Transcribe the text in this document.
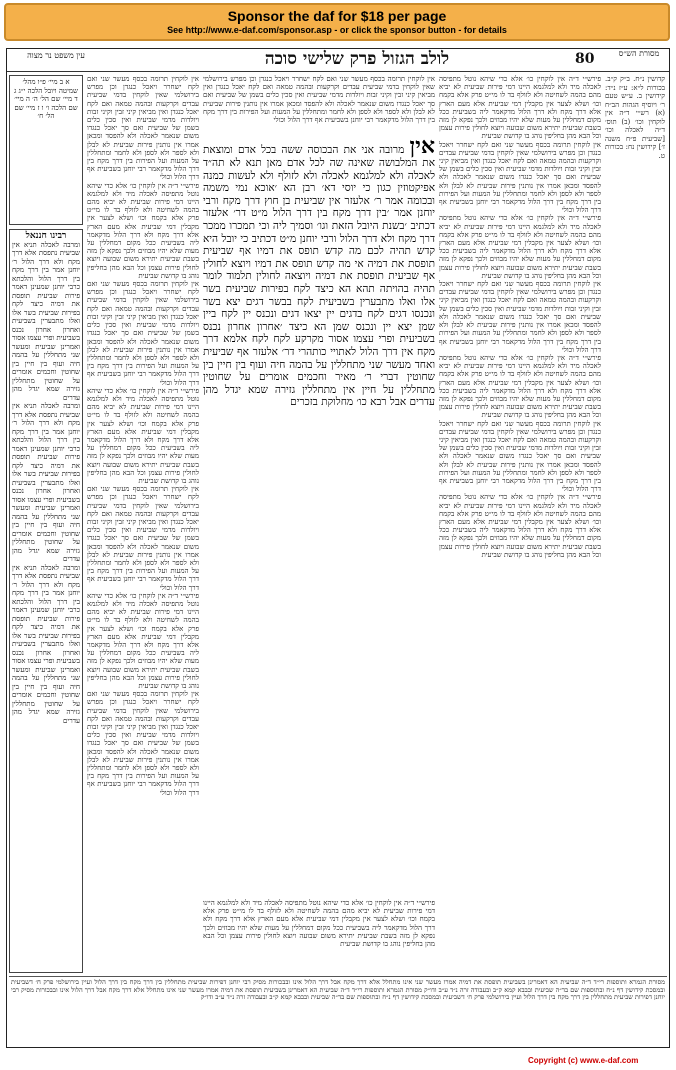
Sponsor the daf for $18 per page
See http://www.e-daf.com/sponsor.asp - or click the sponsor button - for details
עין משפט נר מצוה	לולב הגזול פרק שלישי סוכה	80	מסורת הש״ס

קדושין נ״ח. ב״ק ק״ב. בכורות ל״א: ע״ז נ״ד: קידושין ב. ע״ש טעם ר׳ ויוסיף הגהות הב״ח (א) רש״י ד״ה אין לוקחין וכו׳ (ב) תוס׳ ד״ה לאכלה וכו׳ [שביעית פ״ח משנה ז׳] קידושין נח: בכורות ט.

פירש״י ד״ה אין לוקחין כו׳ אלא כדי שיהא נוטל מתפיסה לאכלה מיד ולא למלגמא היינו דמי פירות שביעית לא יביא מהם בהמה לשחיטה ולא לזולף בד לו מי״ט פרק אלא בקמח וכו׳ ושלא לצער אין מקבלין דמי שביעית אלא מעם הארץ אלא דרך מקח ולא דרך הלול מדקאמר ליה בשביעית ככל מקום דמחללין על מעות שלא יהיו מבוזים ולכך נפקא לן מזה בשבת שביעית יתירא משום שבועה ויוצא לחולין פירות עצמן וכל הבא מהן בחליפין נוהג בו קדושת שביעית

אין לוקחין תרומה בכסף מעשר שני ואם לקח ישחרר ויאכל כנגדן וכן מפרש בירושלמי שאין לוקחין בדמי שביעית עבדים וקרקעות ובהמה טמאה ואם לקח יאכל כנגדן ואין מביאין קיני זבין וקיני זבות ויולדות מדמי שביעית ואין סכין כלים בשמן של שביעית ואם סך יאכל כנגדו משום שנאמר לאכלה ולא להפסד ומכאן אמרו אין נותנין פירות שביעית לא לבלן ולא לספר ולא לספן ולא לחמר ומתחללין על המעות ועל הפירות בין דרך מקח בין דרך הלול מדקאמר רבי יוחנן בשביעית אף דרך הלול וכולי

פירש״י ד״ה אין לוקחין כו׳ אלא כדי שיהא נוטל מתפיסה לאכלה מיד ולא למלגמא היינו דמי פירות שביעית לא יביא מהם בהמה לשחיטה ולא לזולף בד לו מי״ט פרק אלא בקמח וכו׳ ושלא לצער אין מקבלין דמי שביעית אלא מעם הארץ אלא דרך מקח ולא דרך הלול מדקאמר ליה בשביעית ככל מקום דמחללין על מעות שלא יהיו מבוזים ולכך נפקא לן מזה בשבת שביעית יתירא משום שבועה ויוצא לחולין פירות עצמן וכל הבא מהן בחליפין נוהג בו קדושת שביעית

אין לוקחין תרומה בכסף מעשר שני ואם לקח ישחרר ויאכל כנגדן וכן מפרש בירושלמי שאין לוקחין בדמי שביעית עבדים וקרקעות ובהמה טמאה ואם לקח יאכל כנגדן ואין מביאין קיני זבין וקיני זבות ויולדות מדמי שביעית ואין סכין כלים בשמן של שביעית ואם סך יאכל כנגדו משום שנאמר לאכלה ולא להפסד ומכאן אמרו אין נותנין פירות שביעית לא לבלן ולא לספר ולא לספן ולא לחמר ומתחללין על המעות ועל הפירות בין דרך מקח בין דרך הלול מדקאמר רבי יוחנן בשביעית אף דרך הלול וכולי

פירש״י ד״ה אין לוקחין כו׳ אלא כדי שיהא נוטל מתפיסה לאכלה מיד ולא למלגמא היינו דמי פירות שביעית לא יביא מהם בהמה לשחיטה ולא לזולף בד לו מי״ט פרק אלא בקמח וכו׳ ושלא לצער אין מקבלין דמי שביעית אלא מעם הארץ אלא דרך מקח ולא דרך הלול מדקאמר ליה בשביעית ככל מקום דמחללין על מעות שלא יהיו מבוזים ולכך נפקא לן מזה בשבת שביעית יתירא משום שבועה ויוצא לחולין פירות עצמן וכל הבא מהן בחליפין נוהג בו קדושת שביעית

אין לוקחין תרומה בכסף מעשר שני ואם לקח ישחרר ויאכל כנגדן וכן מפרש בירושלמי שאין לוקחין בדמי שביעית עבדים וקרקעות ובהמה טמאה ואם לקח יאכל כנגדן ואין מביאין קיני זבין וקיני זבות ויולדות מדמי שביעית ואין סכין כלים בשמן של שביעית ואם סך יאכל כנגדו משום שנאמר לאכלה ולא להפסד ומכאן אמרו אין נותנין פירות שביעית לא לבלן ולא לספר ולא לספן ולא לחמר ומתחללין על המעות ועל הפירות בין דרך מקח בין דרך הלול מדקאמר רבי יוחנן בשביעית אף דרך הלול וכולי

פירש״י ד״ה אין לוקחין כו׳ אלא כדי שיהא נוטל מתפיסה לאכלה מיד ולא למלגמא היינו דמי פירות שביעית לא יביא מהם בהמה לשחיטה ולא לזולף בד לו מי״ט פרק אלא בקמח וכו׳ ושלא לצער אין מקבלין דמי שביעית אלא מעם הארץ אלא דרך מקח ולא דרך הלול מדקאמר ליה בשביעית ככל מקום דמחללין על מעות שלא יהיו מבוזים ולכך נפקא לן מזה בשבת שביעית יתירא משום שבועה ויוצא לחולין פירות עצמן וכל הבא מהן בחליפין נוהג בו קדושת שביעית

אין מרובה אני את הבכוסה ששה בכל אדם ומוצאת את המלבושה שאינה שה לכל אדם מאן תנא לא תה״ד לאכלה ולא למלגמא לאכלה ולא לזולף ולא לעשות כמנה אפיקטוזין כגון כי יוסי דא׳ רבן הא ׳אוכא נמי משמה ובכומה אמר ר׳ אלעזר אין שביעית בן חוץ דרך מקח ורבי יוחנן אמר ׳בין דרך מקח בין דרך הלול מ״ט דר׳ אלעזר דכתיב ׳בשנת היובל הזאת וגו׳ וסמיך ליה וכי תמכרו ממכר דרך מקח ולא דרך הלול ורבי יוחנן מ״ט דכתיב כי יובל היא קדש תהיה לכם מה קדש תופס את דמיו אף שביעית תופסת את דמיה אי מה קדש תופס את דמיו ויוצא לחולין אף שביעית תופסת את דמיה ויוצאה לחולין תלמוד לומר תהיה בהויתה תהא הא כיצד לקח בפירות שביעית בשר אלו ואלו מתבערין בשביעית לקח בבשר דגים יצא בשר ונכנסו דגים לקח בדגים יין יצאו דגים ונכנס יין לקח ביין שמן יצא יין ונכנס שמן הא כיצד ׳אחרון אחרון נכנס בשביעית ופרי עצמו אסור מקרקע לקח לקח אלמא דרך מקח אין דרך הלול לאתויי כותהרי דר׳ אלעזר אף שביעית ואחד מעשר שני מתחללין על בהמה חיה ועוף בין חיין בין שחוטין דברי ר׳ מאיר וחכמים אומרים על שחוטין מתחללין על חיין אין מתחללין גזירה שמא יגדל מהן עדרים אבל רבא כו׳ מחלוקת בזכרים

אין לוקחין תרומה בכסף מעשר שני ואם לקח ישחרר ויאכל כנגדן וכן מפרש בירושלמי שאין לוקחין בדמי שביעית עבדים וקרקעות ובהמה טמאה ואם לקח יאכל כנגדן ואין מביאין קיני זבין וקיני זבות ויולדות מדמי שביעית ואין סכין כלים בשמן של שביעית ואם סך יאכל כנגדו משום שנאמר לאכלה ולא להפסד ומכאן אמרו אין נותנין פירות שביעית לא לבלן ולא לספר ולא לספן ולא לחמר ומתחללין על המעות ועל הפירות בין דרך מקח בין דרך הלול מדקאמר רבי יוחנן בשביעית אף דרך הלול וכולי

אין לוקחין תרומה בכסף מעשר שני ואם לקח ישחרר ויאכל כנגדן וכן מפרש בירושלמי שאין לוקחין בדמי שביעית עבדים וקרקעות ובהמה טמאה ואם לקח יאכל כנגדן ואין מביאין קיני זבין וקיני זבות ויולדות מדמי שביעית ואין סכין כלים בשמן של שביעית ואם סך יאכל כנגדו משום שנאמר לאכלה ולא להפסד ומכאן אמרו אין נותנין פירות שביעית לא לבלן ולא לספר ולא לספן ולא לחמר ומתחללין על המעות ועל הפירות בין דרך מקח בין דרך הלול מדקאמר רבי יוחנן בשביעית אף דרך הלול וכולי

פירש״י ד״ה אין לוקחין כו׳ אלא כדי שיהא נוטל מתפיסה לאכלה מיד ולא למלגמא היינו דמי פירות שביעית לא יביא מהם בהמה לשחיטה ולא לזולף בד לו מי״ט פרק אלא בקמח וכו׳ ושלא לצער אין מקבלין דמי שביעית אלא מעם הארץ אלא דרך מקח ולא דרך הלול מדקאמר ליה בשביעית ככל מקום דמחללין על מעות שלא יהיו מבוזים ולכך נפקא לן מזה בשבת שביעית יתירא משום שבועה ויוצא לחולין פירות עצמן וכל הבא מהן בחליפין נוהג בו קדושת שביעית

אין לוקחין תרומה בכסף מעשר שני ואם לקח ישחרר ויאכל כנגדן וכן מפרש בירושלמי שאין לוקחין בדמי שביעית עבדים וקרקעות ובהמה טמאה ואם לקח יאכל כנגדן ואין מביאין קיני זבין וקיני זבות ויולדות מדמי שביעית ואין סכין כלים בשמן של שביעית ואם סך יאכל כנגדו משום שנאמר לאכלה ולא להפסד ומכאן אמרו אין נותנין פירות שביעית לא לבלן ולא לספר ולא לספן ולא לחמר ומתחללין על המעות ועל הפירות בין דרך מקח בין דרך הלול מדקאמר רבי יוחנן בשביעית אף דרך הלול וכולי

פירש״י ד״ה אין לוקחין כו׳ אלא כדי שיהא נוטל מתפיסה לאכלה מיד ולא למלגמא היינו דמי פירות שביעית לא יביא מהם בהמה לשחיטה ולא לזולף בד לו מי״ט פרק אלא בקמח וכו׳ ושלא לצער אין מקבלין דמי שביעית אלא מעם הארץ אלא דרך מקח ולא דרך הלול מדקאמר ליה בשביעית ככל מקום דמחללין על מעות שלא יהיו מבוזים ולכך נפקא לן מזה בשבת שביעית יתירא משום שבועה ויוצא לחולין פירות עצמן וכל הבא מהן בחליפין נוהג בו קדושת שביעית

אין לוקחין תרומה בכסף מעשר שני ואם לקח ישחרר ויאכל כנגדן וכן מפרש בירושלמי שאין לוקחין בדמי שביעית עבדים וקרקעות ובהמה טמאה ואם לקח יאכל כנגדן ואין מביאין קיני זבין וקיני זבות ויולדות מדמי שביעית ואין סכין כלים בשמן של שביעית ואם סך יאכל כנגדו משום שנאמר לאכלה ולא להפסד ומכאן אמרו אין נותנין פירות שביעית לא לבלן ולא לספר ולא לספן ולא לחמר ומתחללין על המעות ועל הפירות בין דרך מקח בין דרך הלול מדקאמר רבי יוחנן בשביעית אף דרך הלול וכולי

פירש״י ד״ה אין לוקחין כו׳ אלא כדי שיהא נוטל מתפיסה לאכלה מיד ולא למלגמא היינו דמי פירות שביעית לא יביא מהם בהמה לשחיטה ולא לזולף בד לו מי״ט פרק אלא בקמח וכו׳ ושלא לצער אין מקבלין דמי שביעית אלא מעם הארץ אלא דרך מקח ולא דרך הלול מדקאמר ליה בשביעית ככל מקום דמחללין על מעות שלא יהיו מבוזים ולכך נפקא לן מזה בשבת שביעית יתירא משום שבועה ויוצא לחולין פירות עצמן וכל הבא מהן בחליפין נוהג בו קדושת שביעית

אין לוקחין תרומה בכסף מעשר שני ואם לקח ישחרר ויאכל כנגדן וכן מפרש בירושלמי שאין לוקחין בדמי שביעית עבדים וקרקעות ובהמה טמאה ואם לקח יאכל כנגדן ואין מביאין קיני זבין וקיני זבות ויולדות מדמי שביעית ואין סכין כלים בשמן של שביעית ואם סך יאכל כנגדו משום שנאמר לאכלה ולא להפסד ומכאן אמרו אין נותנין פירות שביעית לא לבלן ולא לספר ולא לספן ולא לחמר ומתחללין על המעות ועל הפירות בין דרך מקח בין דרך הלול מדקאמר רבי יוחנן בשביעית אף דרך הלול וכולי

פירש״י ד״ה אין לוקחין כו׳ אלא כדי שיהא נוטל מתפיסה לאכלה מיד ולא למלגמא היינו דמי פירות שביעית לא יביא מהם בהמה לשחיטה ולא לזולף בד לו מי״ט פרק אלא בקמח וכו׳ ושלא לצער אין מקבלין דמי שביעית אלא מעם הארץ אלא דרך מקח ולא דרך הלול מדקאמר ליה בשביעית ככל מקום דמחללין על מעות שלא יהיו מבוזים ולכך נפקא לן מזה בשבת שביעית יתירא משום שבועה ויוצא לחולין פירות עצמן וכל הבא מהן בחליפין נוהג בו קדושת שביעית

א ב מיי׳ פ״ו מהל׳ שמיטה ויובל הלכה י״ג ג ד מיי׳ שם הל׳ ה׳ ה מיי׳ שם הלכה ו׳ ו ז מיי׳ שם הל׳ ח׳
רבינו חננאל
ומרבה לאכלה תניא אין שביעית נתפסת אלא דרך מקח ולא דרך הלול ר׳ יוחנן אמר בין דרך מקח בין דרך הלול והלכתא כרבי יוחנן שמעינן דאמר פירות שביעית תופסת את דמיה כיצד לקח בפירות שביעית בשר אלו ואלו מתבערין בשביעית ואחרון אחרון נכנס בשביעית ופרי עצמו אסור ואמרינן שביעית ומעשר שני מתחללין על בהמה חיה ועוף בין חיין בין שחוטין וחכמים אומרים על שחוטין מתחללין גזירה שמא יגדל מהן עדרים
ומרבה לאכלה תניא אין שביעית נתפסת אלא דרך מקח ולא דרך הלול ר׳ יוחנן אמר בין דרך מקח בין דרך הלול והלכתא כרבי יוחנן שמעינן דאמר פירות שביעית תופסת את דמיה כיצד לקח בפירות שביעית בשר אלו ואלו מתבערין בשביעית ואחרון אחרון נכנס בשביעית ופרי עצמו אסור ואמרינן שביעית ומעשר שני מתחללין על בהמה חיה ועוף בין חיין בין שחוטין וחכמים אומרים על שחוטין מתחללין גזירה שמא יגדל מהן עדרים
ומרבה לאכלה תניא אין שביעית נתפסת אלא דרך מקח ולא דרך הלול ר׳ יוחנן אמר בין דרך מקח בין דרך הלול והלכתא כרבי יוחנן שמעינן דאמר פירות שביעית תופסת את דמיה כיצד לקח בפירות שביעית בשר אלו ואלו מתבערין בשביעית ואחרון אחרון נכנס בשביעית ופרי עצמו אסור ואמרינן שביעית ומעשר שני מתחללין על בהמה חיה ועוף בין חיין בין שחוטין וחכמים אומרים על שחוטין מתחללין גזירה שמא יגדל מהן עדרים
מסורת הגמרא ותוספות רי״ד ד״ה שביעית הא דאמרינן בשביעית תופסת את דמיה אמרו מעשר שני אינו מתחלל אלא דרך מקח אבל דרך הלול אינו ובבכורות מסיק רבי יוחנן דפירות שביעית מתחללין בין דרך מקח בין דרך הלול ועיין בירושלמי פרק ח׳ דשביעית ובמסכת קידושין דף נ״ח ובתוספות שם בד״ה שביעית ובבבא קמא ק״ב ובעבודה זרה נ״ד ע״ב ודו״ק מסורת הגמרא ותוספות רי״ד ד״ה שביעית הא דאמרינן בשביעית תופסת את דמיה אמרו מעשר שני אינו מתחלל אלא דרך מקח אבל דרך הלול אינו ובבכורות מסיק רבי יוחנן דפירות שביעית מתחללין בין דרך מקח בין דרך הלול ועיין בירושלמי פרק ח׳ דשביעית ובמסכת קידושין דף נ״ח ובתוספות שם בד״ה שביעית ובבבא קמא ק״ב ובעבודה זרה נ״ד ע״ב ודו״ק
Copyright (c) www.e-daf.com
